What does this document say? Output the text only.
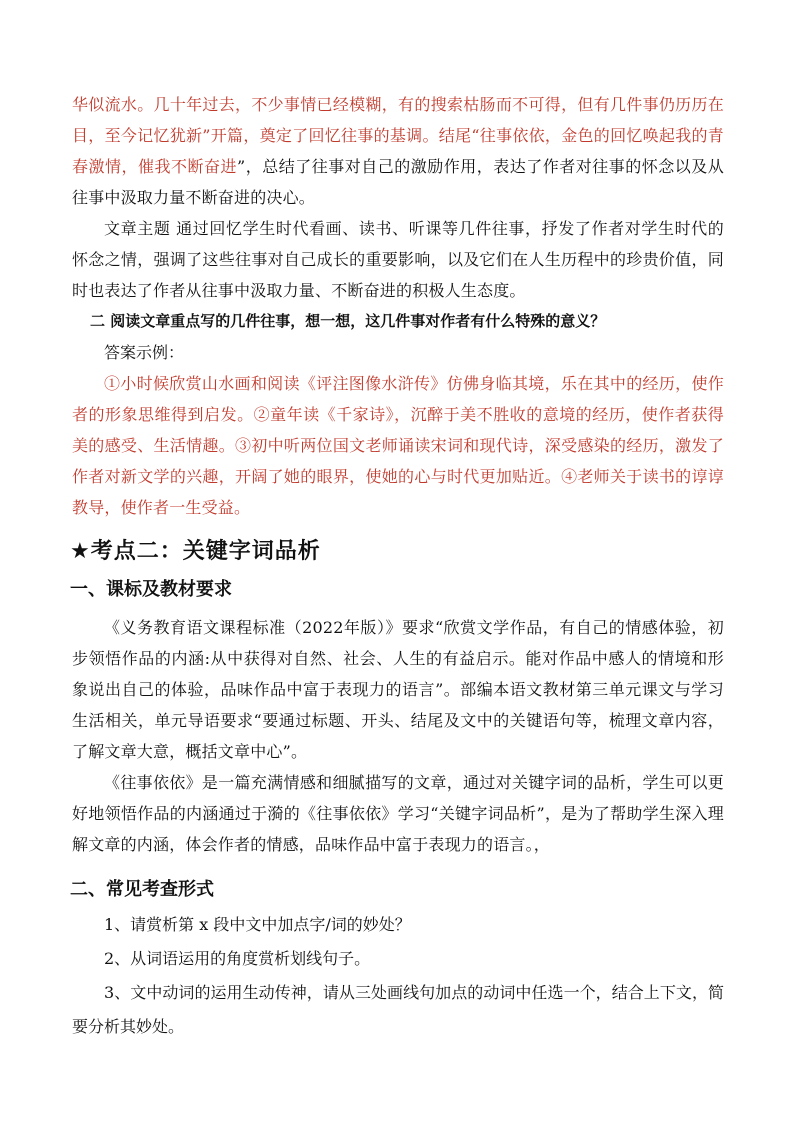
华似流水。几十年过去，不少事情已经模糊，有的搜索枯肠而不可得，但有几件事仍历历在目，至今记忆犹新”开篇，奠定了回忆往事的基调。结尾“往事依依，金色的回忆唤起我的青春激情，催我不断奋进”，总结了往事对自己的激励作用，表达了作者对往事的怀念以及从往事中汲取力量不断奋进的决心。

文章主题 通过回忆学生时代看画、读书、听课等几件往事，抒发了作者对学生时代的怀念之情，强调了这些往事对自己成长的重要影响，以及它们在人生历程中的珍贵价值，同时也表达了作者从往事中汲取力量、不断奋进的积极人生态度。

二 阅读文章重点写的几件往事，想一想，这几件事对作者有什么特殊的意义？

答案示例：

①小时候欣赏山水画和阅读《评注图像水浒传》仿佛身临其境，乐在其中的经历，使作者的形象思维得到启发。②童年读《千家诗》，沉醉于美不胜收的意境的经历，使作者获得美的感受、生活情趣。③初中听两位国文老师诵读宋词和现代诗，深受感染的经历，激发了作者对新文学的兴趣，开阔了她的眼界，使她的心与时代更加贴近。④老师关于读书的谆谆教导，使作者一生受益。

★考点二：关键字词品析
一、课标及教材要求

《义务教育语文课程标准（2022年版）》要求“欣赏文学作品，有自己的情感体验，初步领悟作品的内涵:从中获得对自然、社会、人生的有益启示。能对作品中感人的情境和形象说出自己的体验，品味作品中富于表现力的语言”。部编本语文教材第三单元课文与学习生活相关，单元导语要求“要通过标题、开头、结尾及文中的关键语句等，梳理文章内容，了解文章大意，概括文章中心”。

《往事依依》是一篇充满情感和细腻描写的文章，通过对关键字词的品析，学生可以更好地领悟作品的内涵通过于漪的《往事依依》学习“关键字词品析”，是为了帮助学生深入理解文章的内涵，体会作者的情感，品味作品中富于表现力的语言。，

二、常见考查形式

1、请赏析第 x 段中文中加点字/词的妙处？

2、从词语运用的角度赏析划线句子。

3、文中动词的运用生动传神，请从三处画线句加点的动词中任选一个，结合上下文，简要分析其妙处。
